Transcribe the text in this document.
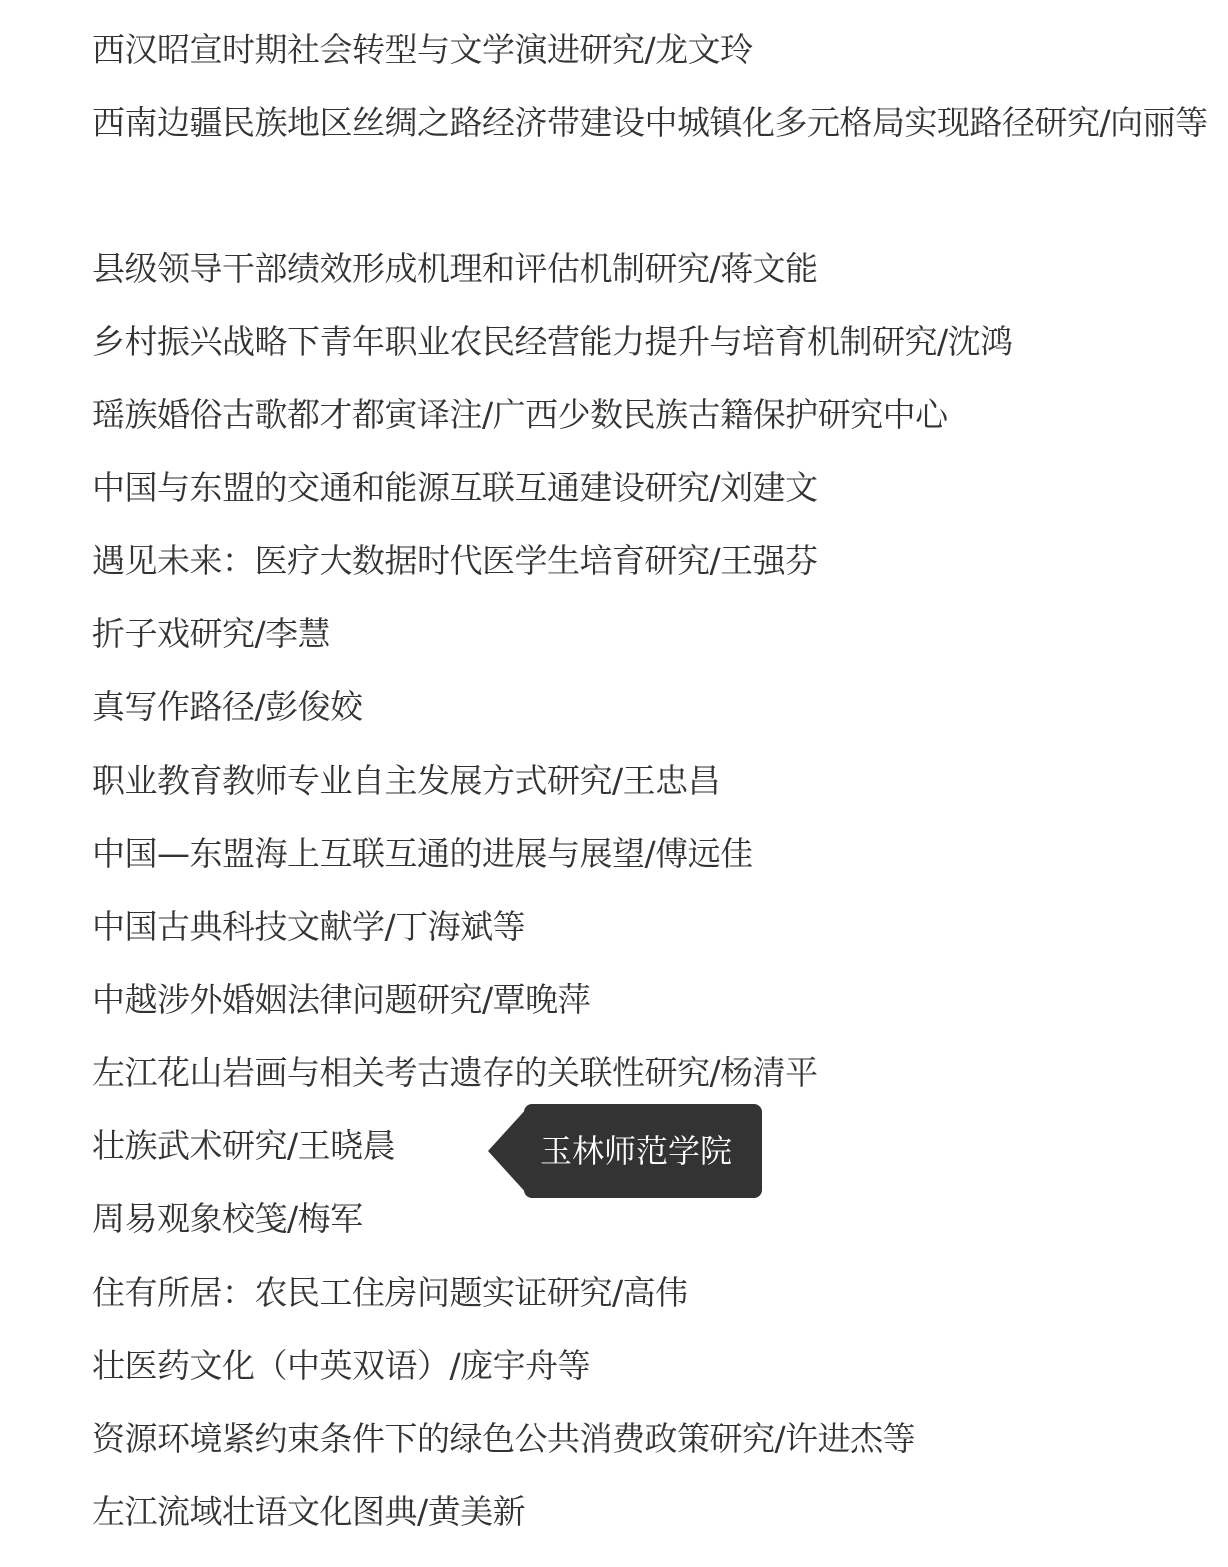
西汉昭宣时期社会转型与文学演进研究/龙文玲
西南边疆民族地区丝绸之路经济带建设中城镇化多元格局实现路径研究/向丽等
县级领导干部绩效形成机理和评估机制研究/蒋文能
乡村振兴战略下青年职业农民经营能力提升与培育机制研究/沈鸿
瑶族婚俗古歌都才都寅译注/广西少数民族古籍保护研究中心
中国与东盟的交通和能源互联互通建设研究/刘建文
遇见未来：医疗大数据时代医学生培育研究/王强芬
折子戏研究/李慧
真写作路径/彭俊姣
职业教育教师专业自主发展方式研究/王忠昌
中国—东盟海上互联互通的进展与展望/傅远佳
中国古典科技文献学/丁海斌等
中越涉外婚姻法律问题研究/覃晚萍
左江花山岩画与相关考古遗存的关联性研究/杨清平
壮族武术研究/王晓晨
周易观象校笺/梅军
住有所居：农民工住房问题实证研究/高伟
壮医药文化（中英双语）/庞宇舟等
资源环境紧约束条件下的绿色公共消费政策研究/许进杰等
左江流域壮语文化图典/黄美新
玉林师范学院
